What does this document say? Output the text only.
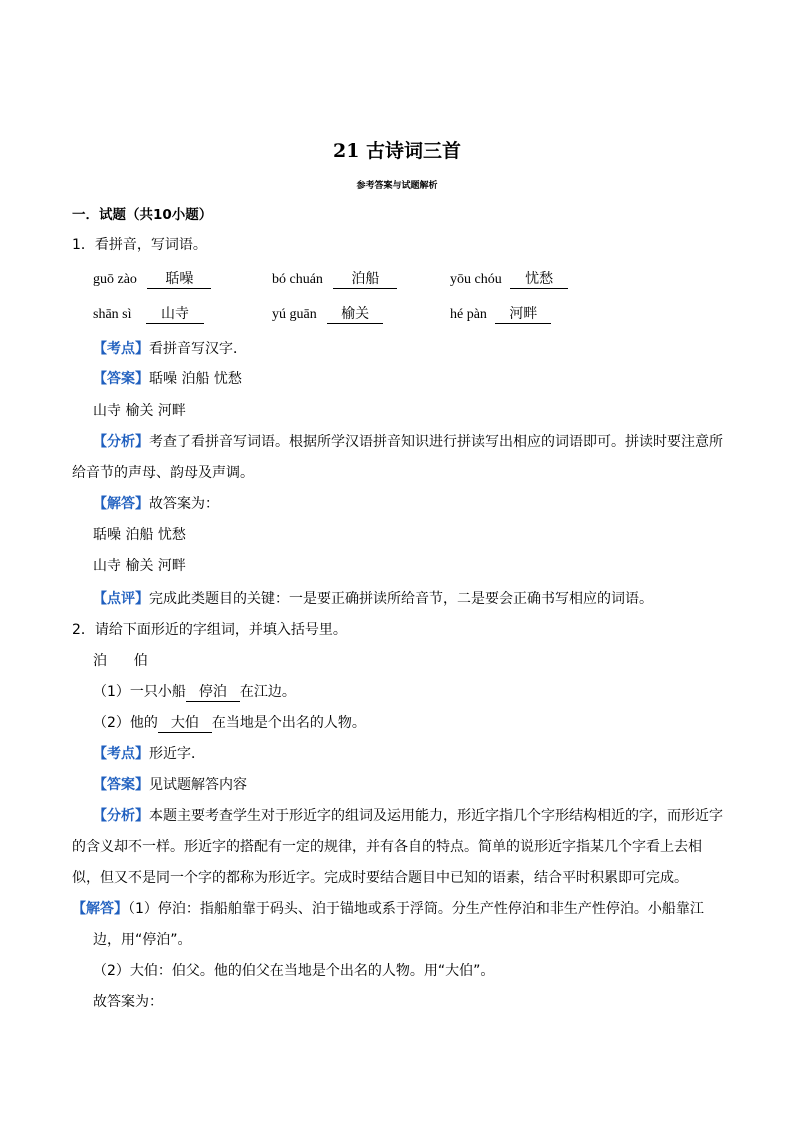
21 古诗词三首
参考答案与试题解析
一．试题（共10小题）
1．看拼音，写词语。
guō zào 聒噪	bó chuán 泊船	yōu chóu 忧愁
shān sì 山寺	yú guān 榆关	hé pàn 河畔
【考点】看拼音写汉字．
【答案】聒噪 泊船 忧愁
山寺 榆关 河畔
【分析】考查了看拼音写词语。根据所学汉语拼音知识进行拼读写出相应的词语即可。拼读时要注意所
给音节的声母、韵母及声调。
【解答】故答案为：
聒噪 泊船 忧愁
山寺 榆关 河畔
【点评】完成此类题目的关键：一是要正确拼读所给音节，二是要会正确书写相应的词语。
2．请给下面形近的字组词，并填入括号里。
泊      伯
（1）一只小船 停泊 在江边。
（2）他的 大伯 在当地是个出名的人物。
【考点】形近字．
【答案】见试题解答内容
【分析】本题主要考查学生对于形近字的组词及运用能力，形近字指几个字形结构相近的字，而形近字
的含义却不一样。形近字的搭配有一定的规律，并有各自的特点。简单的说形近字指某几个字看上去相
似，但又不是同一个字的都称为形近字。完成时要结合题目中已知的语素，结合平时积累即可完成。
【解答】（1）停泊：指船舶靠于码头、泊于锚地或系于浮筒。分生产性停泊和非生产性停泊。小船靠江
边，用“停泊”。
（2）大伯：伯父。他的伯父在当地是个出名的人物。用“大伯”。
故答案为：
